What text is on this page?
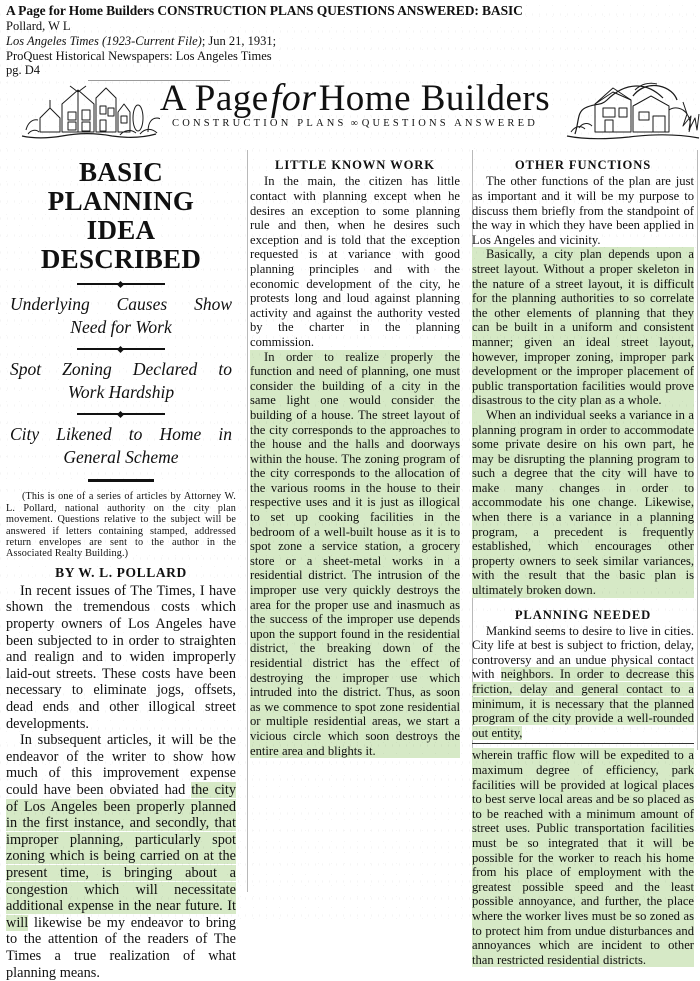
A Page for Home Builders CONSTRUCTION PLANS QUESTIONS ANSWERED: BASIC
Pollard, W L
Los Angeles Times (1923-Current File); Jun 21, 1931;
ProQuest Historical Newspapers: Los Angeles Times
pg. D4
A PageforHome Builders
CONSTRUCTION PLANS ∞ QUESTIONS ANSWERED
BASIC PLANNING
IDEA DESCRIBED
Underlying Causes Show
Need for Work
Spot Zoning Declared to
Work Hardship
City Likened to Home in
General Scheme
(This is one of a series of articles by Attorney W. L. Pollard, national authority on the city plan movement. Questions relative to the subject will be answered if letters containing stamped, addressed return envelopes are sent to the author in the Associated Realty Building.)
BY W. L. POLLARD

In recent issues of The Times, I have shown the tremendous costs which property owners of Los Angeles have been subjected to in order to straighten and realign and to widen improperly laid-out streets. These costs have been necessary to eliminate jogs, offsets, dead ends and other illogical street developments.

In subsequent articles, it will be the endeavor of the writer to show how much of this improvement expense could have been obviated had the city of Los Angeles been properly planned in the first instance, and secondly, that improper planning, particularly spot zoning which is being carried on at the present time, is bringing about a congestion which will necessitate additional expense in the near future. It will likewise be my endeavor to bring to the attention of the readers of The Times a true realization of what planning means.

LITTLE KNOWN WORK

In the main, the citizen has little contact with planning except when he desires an exception to some planning rule and then, when he desires such exception and is told that the exception requested is at variance with good planning principles and with the economic development of the city, he protests long and loud against planning activity and against the authority vested by the charter in the planning commission.

In order to realize properly the function and need of planning, one must consider the building of a city in the same light one would consider the building of a house. The street layout of the city corresponds to the approaches to the house and the halls and doorways within the house. The zoning program of the city corresponds to the allocation of the various rooms in the house to their respective uses and it is just as illogical to set up cooking facilities in the bedroom of a well-built house as it is to spot zone a service station, a grocery store or a sheet-metal works in a residential district. The intrusion of the improper use very quickly destroys the area for the proper use and inasmuch as the success of the improper use depends upon the support found in the residential district, the breaking down of the residential district has the effect of destroying the improper use which intruded into the district. Thus, as soon as we commence to spot zone residential or multiple residential areas, we start a vicious circle which soon destroys the entire area and blights it.

OTHER FUNCTIONS

The other functions of the plan are just as important and it will be my purpose to discuss them briefly from the standpoint of the way in which they have been applied in Los Angeles and vicinity.

Basically, a city plan depends upon a street layout. Without a proper skeleton in the nature of a street layout, it is difficult for the planning authorities to so correlate the other elements of planning that they can be built in a uniform and consistent manner; given an ideal street layout, however, improper zoning, improper park development or the improper placement of public transportation facilities would prove disastrous to the city plan as a whole.

When an individual seeks a variance in a planning program in order to accommodate some private desire on his own part, he may be disrupting the planning program to such a degree that the city will have to make many changes in order to accommodate his one change. Likewise, when there is a variance in a planning program, a precedent is frequently established, which encourages other property owners to seek similar variances, with the result that the basic plan is ultimately broken down.

PLANNING NEEDED

Mankind seems to desire to live in cities. City life at best is subject to friction, delay, controversy and an undue physical contact with neighbors. In order to decrease this friction, delay and general contact to a minimum, it is necessary that the planned program of the city provide a well-rounded out entity,

wherein traffic flow will be expedited to a maximum degree of efficiency, park facilities will be provided at logical places to best serve local areas and be so placed as to be reached with a minimum amount of street uses. Public transportation facilities must be so integrated that it will be possible for the worker to reach his home from his place of employment with the greatest possible speed and the least possible annoyance, and further, the place where the worker lives must be so zoned as to protect him from undue disturbances and annoyances which are incident to other than restricted residential districts.
